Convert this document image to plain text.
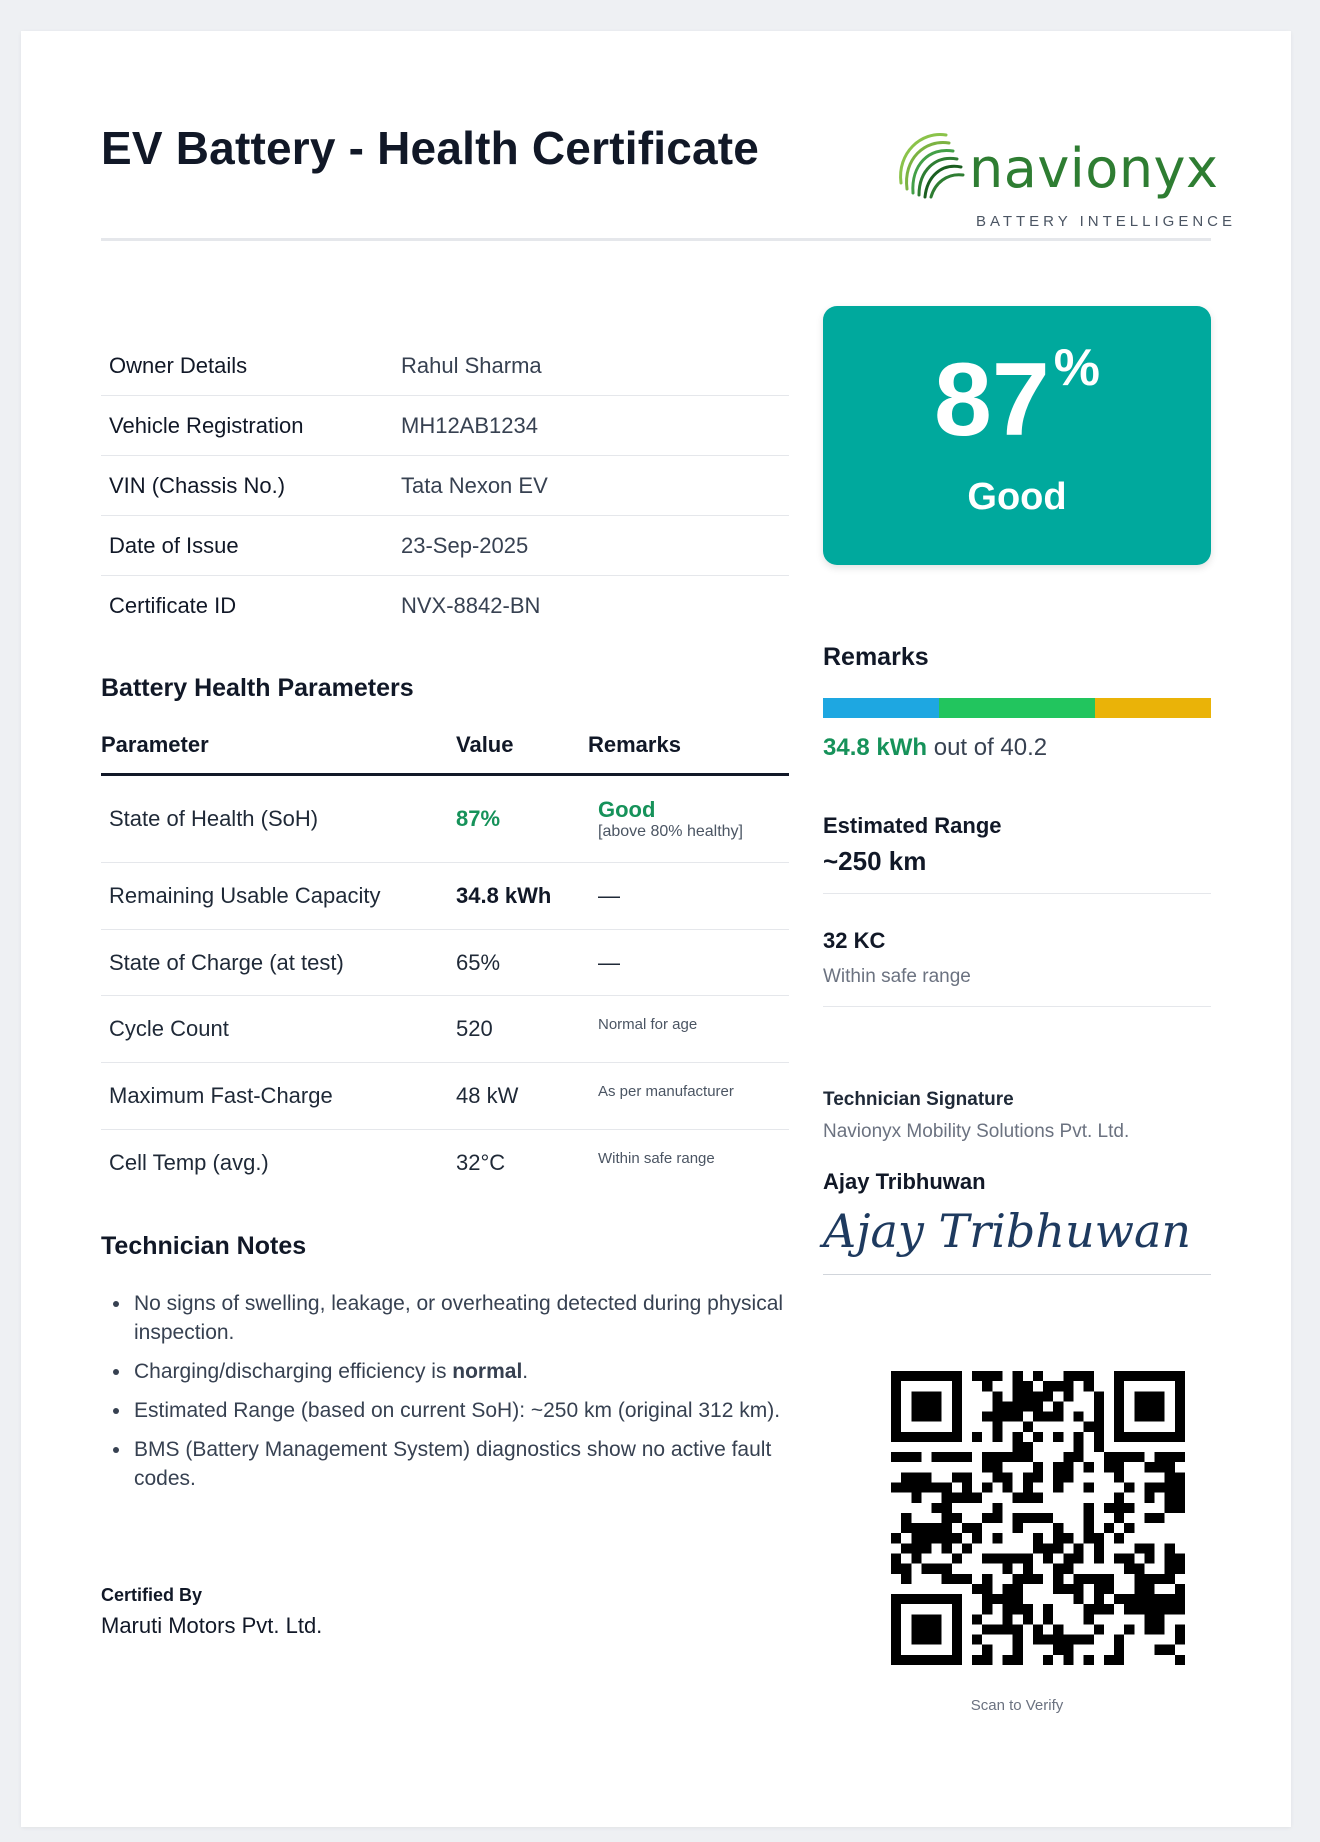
EV Battery - Health Certificate	navionyx
BATTERY INTELLIGENCE
Owner Details	Rahul Sharma
Vehicle Registration	MH12AB1234
VIN (Chassis No.)	Tata Nexon EV
Date of Issue	23-Sep-2025
Certificate ID	NVX-8842-BN
Battery Health Parameters
Parameter	Value	Remarks
State of Health (SoH)	87%	Good
[above 80% healthy]
Remaining Usable Capacity	34.8 kWh	—
State of Charge (at test)	65%	—
Cycle Count	520	Normal for age
Maximum Fast-Charge	48 kW	As per manufacturer
Cell Temp (avg.)	32°C	Within safe range
Technician Notes
No signs of swelling, leakage, or overheating detected during physical inspection.
Charging/discharging efficiency is normal.
Estimated Range (based on current SoH): ~250 km (original 312 km).
BMS (Battery Management System) diagnostics show no active fault codes.
Certified By
Maruti Motors Pvt. Ltd.
87%
Good
Remarks
34.8 kWh out of 40.2
Estimated Range
~250 km
32 KC
Within safe range
Technician Signature
Navionyx Mobility Solutions Pvt. Ltd.
Ajay Tribhuwan
Ajay Tribhuwan
Scan to Verify
